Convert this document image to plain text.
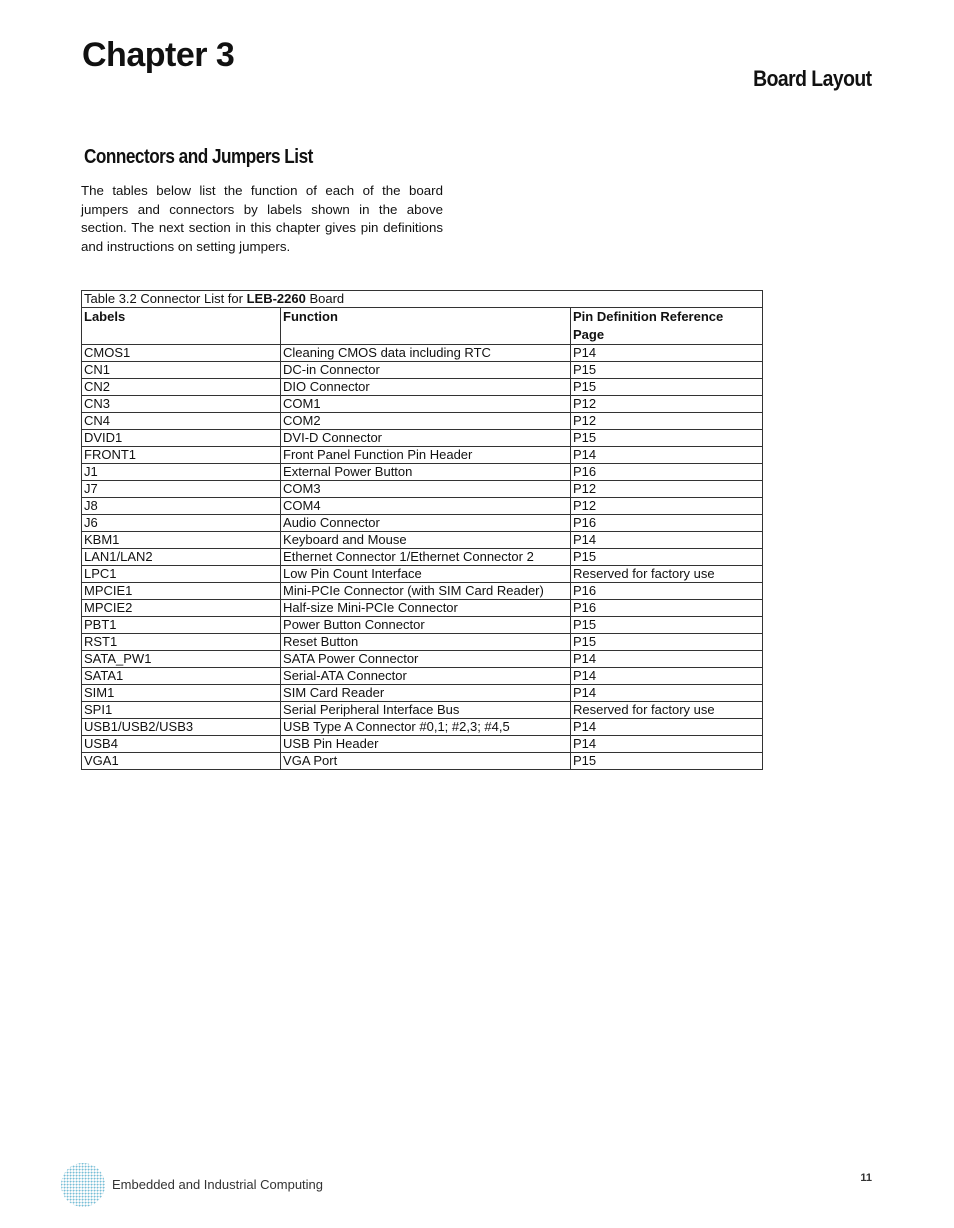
Chapter 3
Board Layout
Connectors and Jumpers List

The tables below list the function of each of the board jumpers and connectors by labels shown in the above section. The next section in this chapter gives pin definitions and instructions on setting jumpers.

Table 3.2 Connector List for LEB-2260 Board		
Labels	Function	Pin Definition Reference Page
CMOS1	Cleaning CMOS data including RTC	P14
CN1	DC-in Connector	P15
CN2	DIO Connector	P15
CN3	COM1	P12
CN4	COM2	P12
DVID1	DVI-D Connector	P15
FRONT1	Front Panel Function Pin Header	P14
J1	External Power Button	P16
J7	COM3	P12
J8	COM4	P12
J6	Audio Connector	P16
KBM1	Keyboard and Mouse	P14
LAN1/LAN2	Ethernet Connector 1/Ethernet Connector 2	P15
LPC1	Low Pin Count Interface	Reserved for factory use
MPCIE1	Mini-PCIe Connector (with SIM Card Reader)	P16
MPCIE2	Half-size Mini-PCIe Connector	P16
PBT1	Power Button Connector	P15
RST1	Reset Button	P15
SATA_PW1	SATA Power Connector	P14
SATA1	Serial-ATA Connector	P14
SIM1	SIM Card Reader	P14
SPI1	Serial Peripheral Interface Bus	Reserved for factory use
USB1/USB2/USB3	USB Type A Connector #0,1; #2,3; #4,5	P14
USB4	USB Pin Header	P14
VGA1	VGA Port	P15
Embedded and Industrial Computing	11
